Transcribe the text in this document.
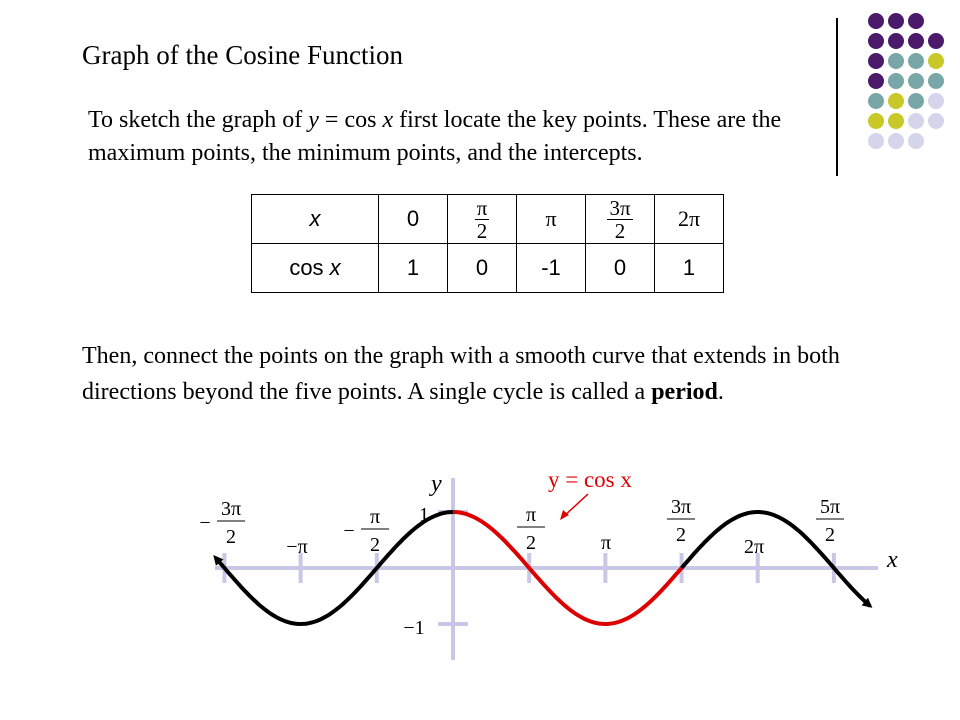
Graph of the Cosine Function
To sketch the graph of y = cos x first locate the key points. These are the maximum points, the minimum points, and the intercepts.
x	0	$\frac{\pi}{2}$	π	$\frac{3\pi}{2}$	2π
cos x	1	0	-1	0	1
Then, connect the points on the graph with a smooth curve that extends in both directions beyond the five points. A single cycle is called a period.
3π
2
−
−π
π
2
−
π
2	π
3π
2
2π
5π
2
1
−1
y
x
y = cos x
